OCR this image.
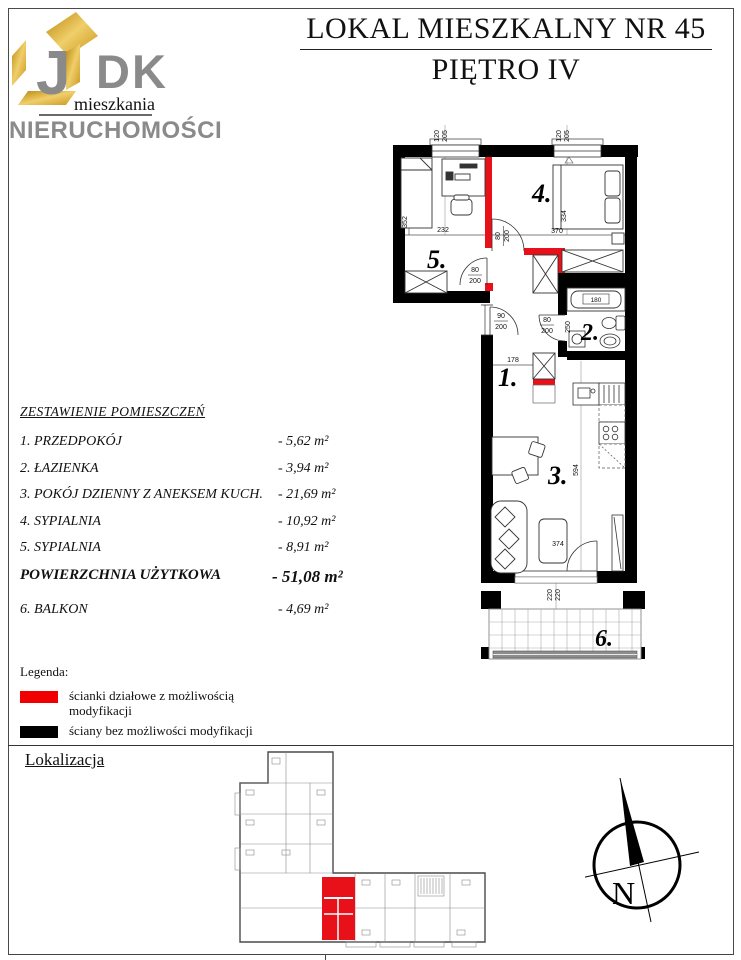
J DK
mieszkania
NIERUCHOMOŚCI
LOKAL MIESZKALNY NR 45
PIĘTRO IV
120 205	120 205
352
232
334
370
80 200
80
200
90
200
80
200 250
178
180
594
374
220 220
5.
4.
1.
2.
3.
6.
ZESTAWIENIE POMIESZCZEŃ
1. PRZEDPOKÓJ	- 5,62 m²
2. ŁAZIENKA	- 3,94 m²
3. POKÓJ DZIENNY Z ANEKSEM KUCH.	- 21,69 m²
4. SYPIALNIA	- 10,92 m²
5. SYPIALNIA	- 8,91 m²
POWIERZCHNIA UŻYTKOWA	- 51,08 m²
6. BALKON	- 4,69 m²
Legenda:
ścianki działowe z możliwością modyfikacji
ściany bez możliwości modyfikacji
Lokalizacja
N
